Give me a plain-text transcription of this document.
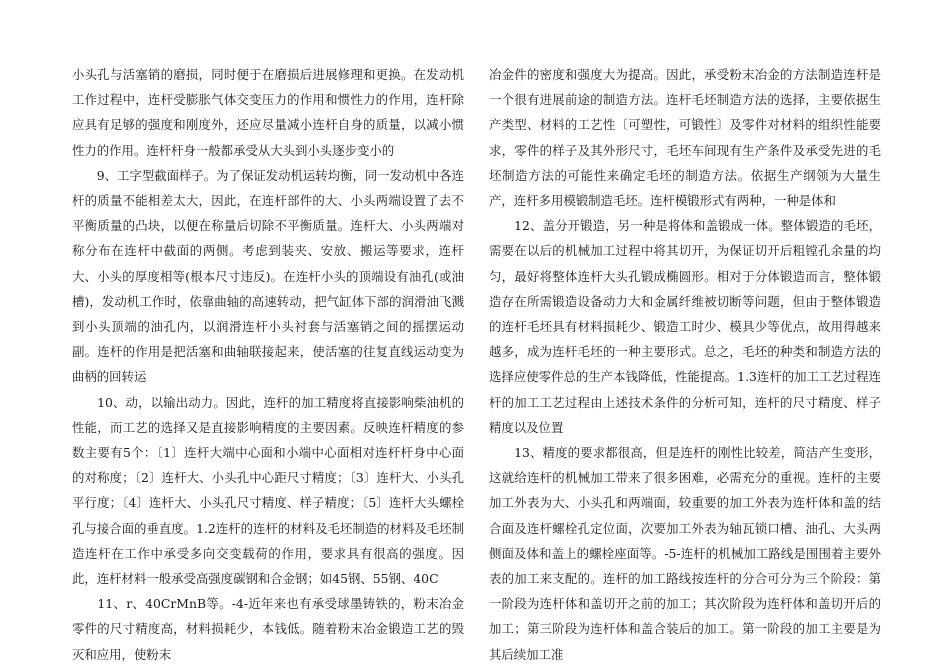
小头孔与活塞销的磨损，同时便于在磨损后进展修理和更换。在发动机工作过程中，连杆受膨胀气体交变压力的作用和惯性力的作用，连杆除应具有足够的强度和刚度外，还应尽量减小连杆自身的质量，以减小惯性力的作用。连杆杆身一般都承受从大头到小头逐步变小的

　　9、工字型截面样子。为了保证发动机运转均衡，同一发动机中各连杆的质量不能相差太大，因此，在连杆部件的大、小头两端设置了去不平衡质量的凸块，以便在称量后切除不平衡质量。连杆大、小头两端对称分布在连杆中截面的两侧。考虑到装夹、安放、搬运等要求，连杆大、小头的厚度相等(根本尺寸违反)。在连杆小头的顶端设有油孔(或油槽)，发动机工作时，依靠曲轴的高速转动，把气缸体下部的润滑油飞溅到小头顶端的油孔内，以润滑连杆小头衬套与活塞销之间的摇摆运动副。连杆的作用是把活塞和曲轴联接起来，使活塞的往复直线运动变为曲柄的回转运

　　10、动，以输出动力。因此，连杆的加工精度将直接影响柴油机的性能，而工艺的选择又是直接影响精度的主要因素。反映连杆精度的参数主要有5个：〔1〕连杆大端中心面和小端中心面相对连杆杆身中心面的对称度；〔2〕连杆大、小头孔中心距尺寸精度；〔3〕连杆大、小头孔平行度；〔4〕连杆大、小头孔尺寸精度、样子精度；〔5〕连杆大头螺栓孔与接合面的垂直度。1.2连杆的连杆的材料及毛坯制造的材料及毛坯制造连杆在工作中承受多向交变载荷的作用，要求具有很高的强度。因此，连杆材料一般承受高强度碳钢和合金钢；如45钢、55钢、40C

　　11、r、40CrMnB等。-4-近年来也有承受球墨铸铁的，粉末冶金零件的尺寸精度高，材料损耗少，本钱低。随着粉末冶金锻造工艺的毁灭和应用，使粉末

冶金件的密度和强度大为提高。因此，承受粉末冶金的方法制造连杆是一个很有进展前途的制造方法。连杆毛坯制造方法的选择，主要依据生产类型、材料的工艺性〔可塑性，可锻性〕及零件对材料的组织性能要求，零件的样子及其外形尺寸，毛坯车间现有生产条件及承受先进的毛坯制造方法的可能性来确定毛坯的制造方法。依据生产纲领为大量生产，连杆多用模锻制造毛坯。连杆模锻形式有两种，一种是体和

　　12、盖分开锻造，另一种是将体和盖锻成一体。整体锻造的毛坯，需要在以后的机械加工过程中将其切开，为保证切开后粗镗孔余量的均匀，最好将整体连杆大头孔锻成椭圆形。相对于分体锻造而言，整体锻造存在所需锻造设备动力大和金属纤维被切断等问题，但由于整体锻造的连杆毛坯具有材料损耗少、锻造工时少、模具少等优点，故用得越来越多，成为连杆毛坯的一种主要形式。总之，毛坯的种类和制造方法的选择应使零件总的生产本钱降低，性能提高。1.3连杆的加工工艺过程连杆的加工工艺过程由上述技术条件的分析可知，连杆的尺寸精度、样子精度以及位置

　　13、精度的要求都很高，但是连杆的刚性比较差，简洁产生变形，这就给连杆的机械加工带来了很多困难，必需充分的重视。连杆的主要加工外表为大、小头孔和两端面，较重要的加工外表为连杆体和盖的结合面及连杆螺栓孔定位面，次要加工外表为轴瓦锁口槽、油孔、大头两侧面及体和盖上的螺栓座面等。-5-连杆的机械加工路线是围围着主要外表的加工来支配的。连杆的加工路线按连杆的分合可分为三个阶段：第一阶段为连杆体和盖切开之前的加工；其次阶段为连杆体和盖切开后的加工；第三阶段为连杆体和盖合装后的加工。第一阶段的加工主要是为其后续加工准
